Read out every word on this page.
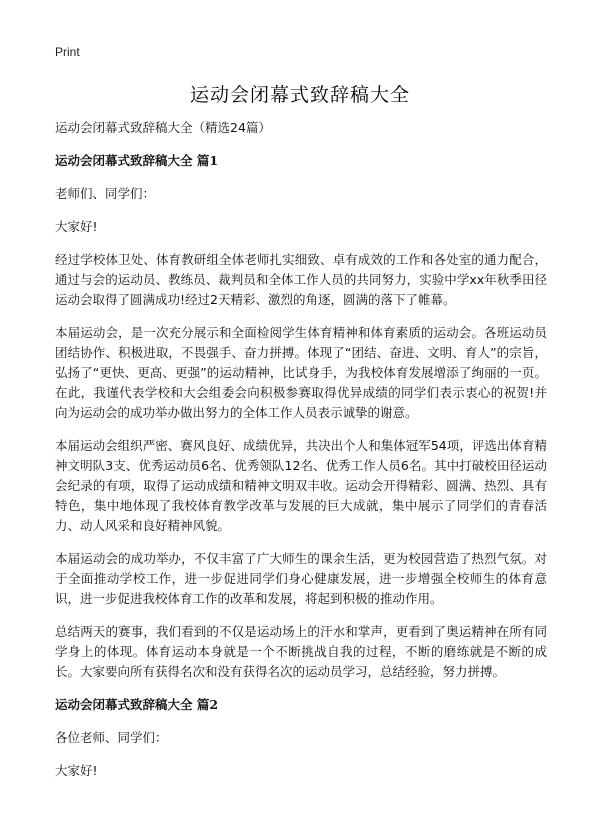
Print
运动会闭幕式致辞稿大全

运动会闭幕式致辞稿大全（精选24篇）

运动会闭幕式致辞稿大全 篇1

老师们、同学们：

大家好!

经过学校体卫处、体育教研组全体老师扎实细致、卓有成效的工作和各处室的通力配合，通过与会的运动员、教练员、裁判员和全体工作人员的共同努力，实验中学xx年秋季田径运动会取得了圆满成功!经过2天精彩、激烈的角逐，圆满的落下了帷幕。

本届运动会，是一次充分展示和全面检阅学生体育精神和体育素质的运动会。各班运动员团结协作、积极进取，不畏强手、奋力拼搏。体现了“团结、奋进、文明、育人”的宗旨，弘扬了“更快、更高、更强”的运动精神，比试身手，为我校体育发展增添了绚丽的一页。在此，我谨代表学校和大会组委会向积极参赛取得优异成绩的同学们表示衷心的祝贺!并向为运动会的成功举办做出努力的全体工作人员表示诚挚的谢意。

本届运动会组织严密、赛风良好、成绩优异，共决出个人和集体冠军54项，评选出体育精神文明队3支、优秀运动员6名、优秀领队12名、优秀工作人员6名。其中打破校田径运动会纪录的有项，取得了运动成绩和精神文明双丰收。运动会开得精彩、圆满、热烈、具有特色，集中地体现了我校体育教学改革与发展的巨大成就，集中展示了同学们的青春活力、动人风采和良好精神风貌。

本届运动会的成功举办，不仅丰富了广大师生的课余生活，更为校园营造了热烈气氛。对于全面推动学校工作，进一步促进同学们身心健康发展，进一步增强全校师生的体育意识，进一步促进我校体育工作的改革和发展，将起到积极的推动作用。

总结两天的赛事，我们看到的不仅是运动场上的汗水和掌声，更看到了奥运精神在所有同学身上的体现。体育运动本身就是一个不断挑战自我的过程，不断的磨练就是不断的成长。大家要向所有获得名次和没有获得名次的运动员学习，总结经验，努力拼搏。

运动会闭幕式致辞稿大全 篇2

各位老师、同学们：

大家好!
